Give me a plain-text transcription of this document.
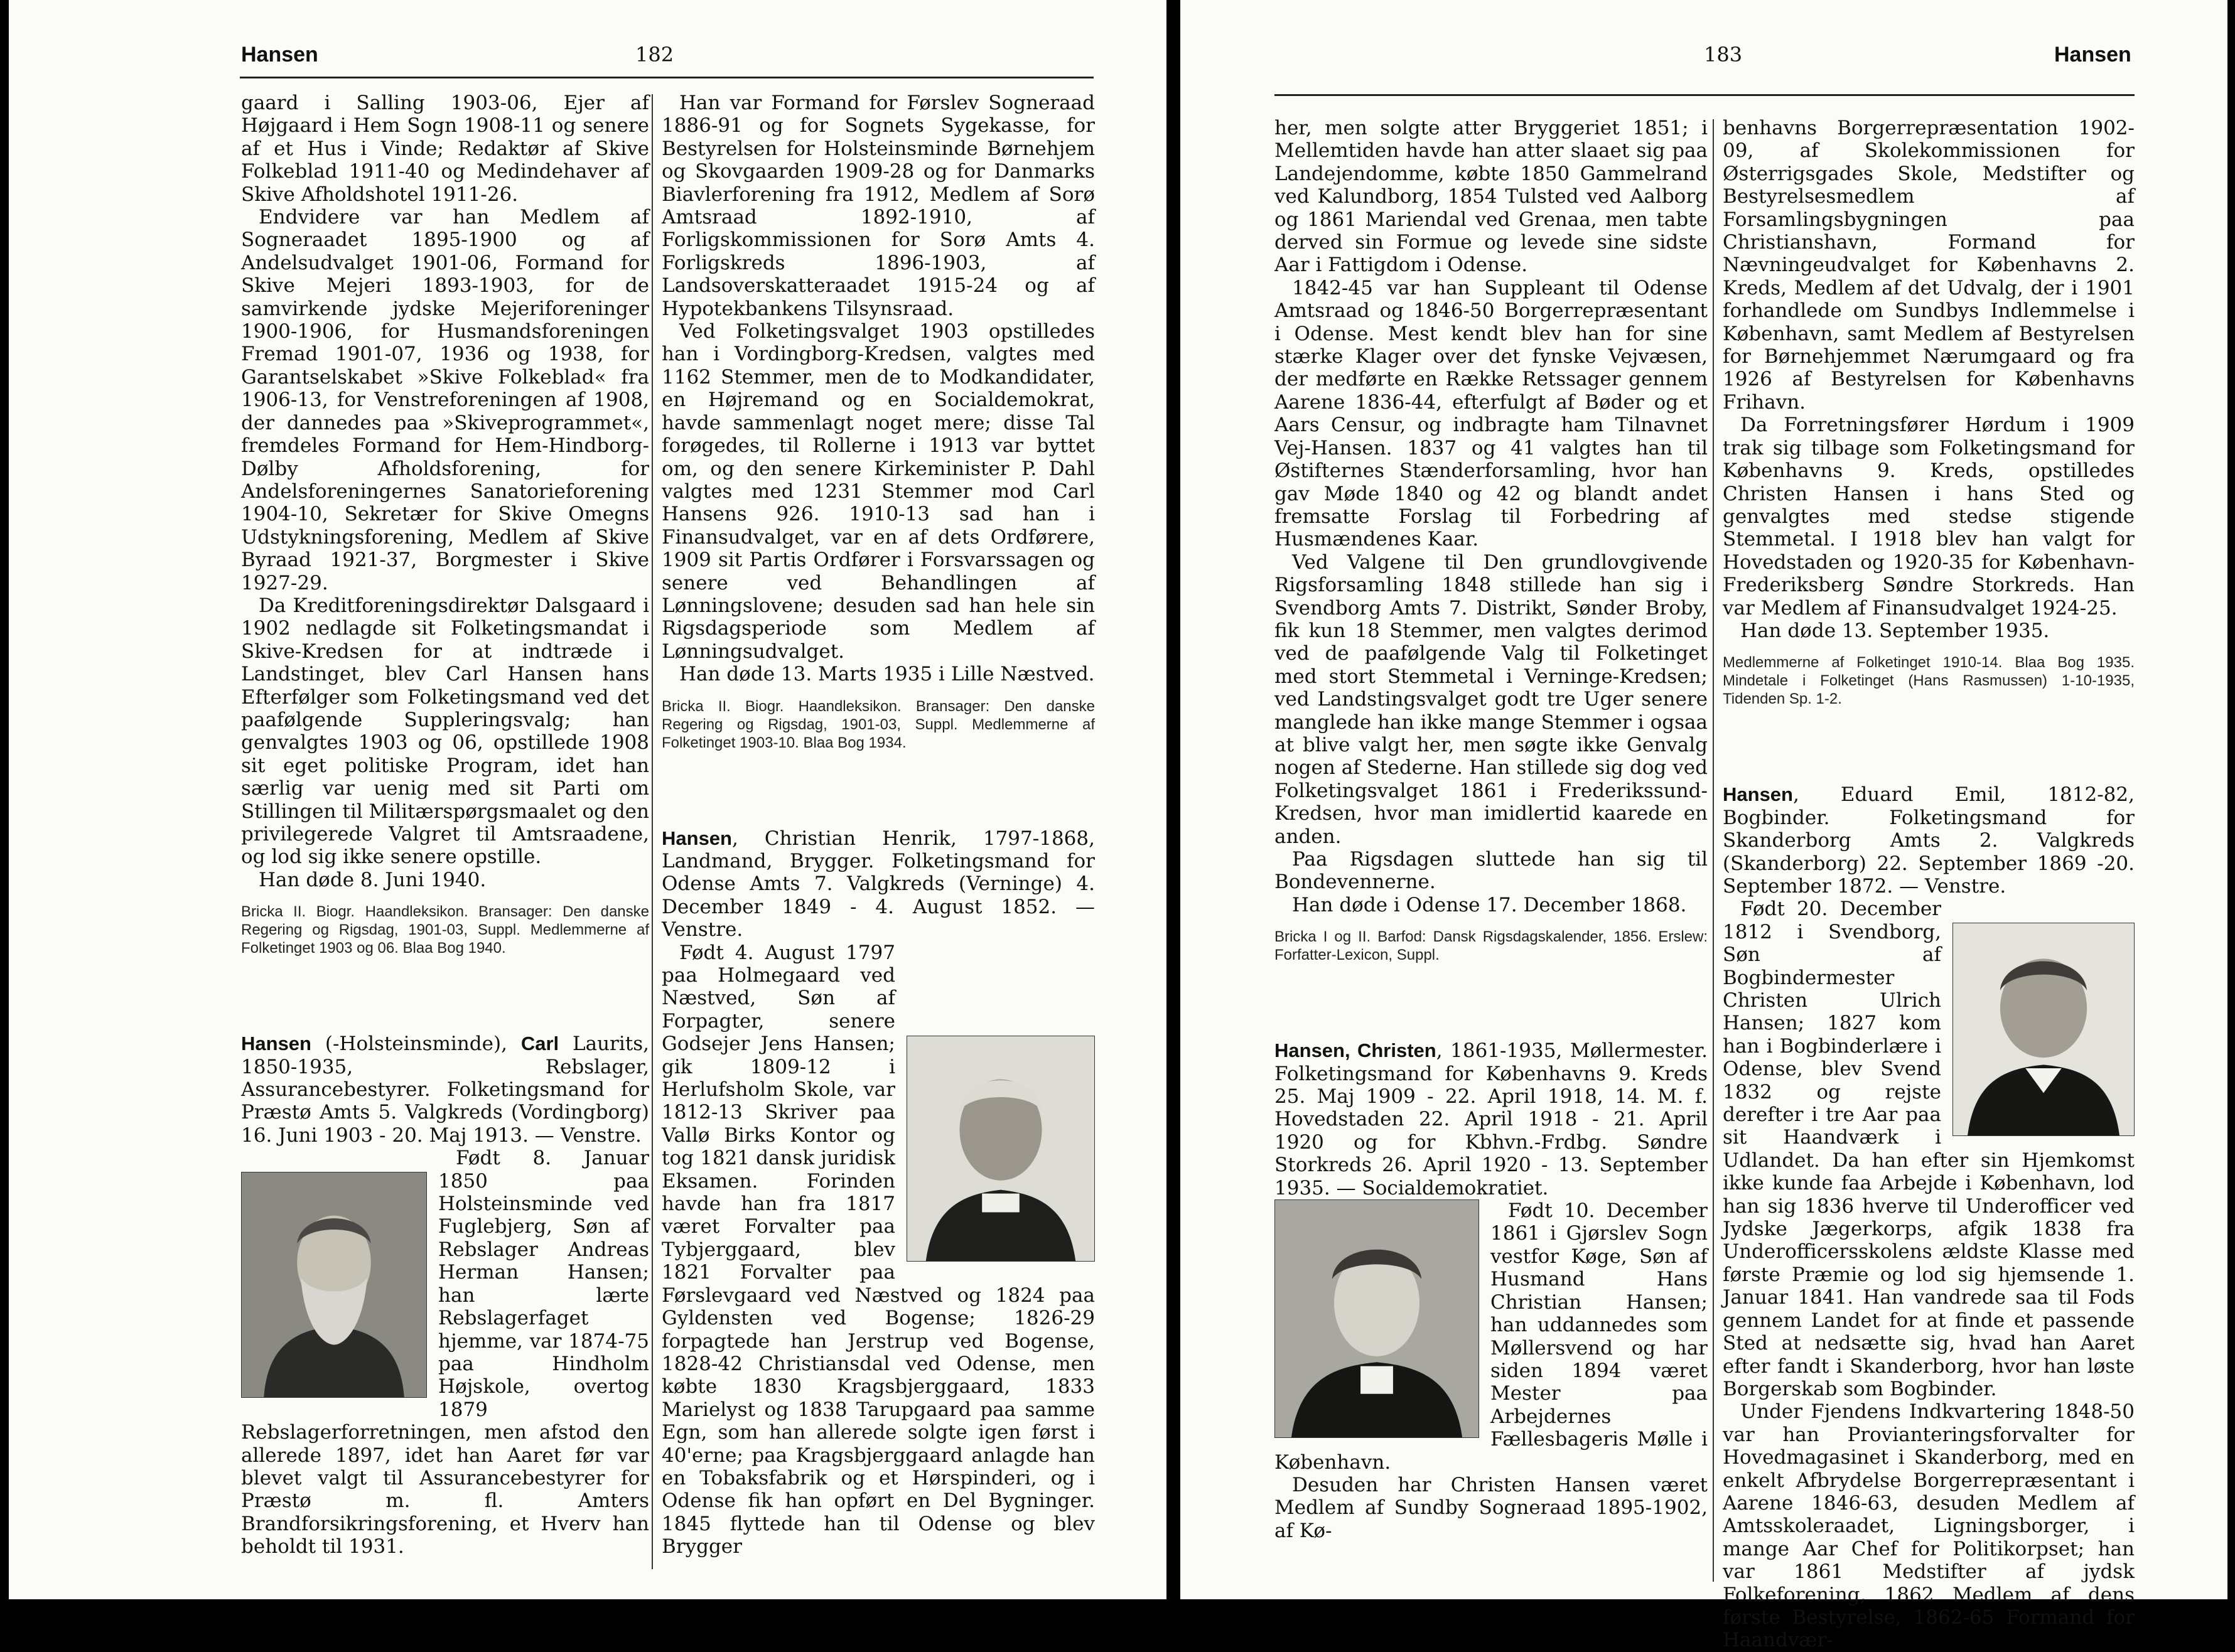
Hansen	182

gaard i Salling 1903-06, Ejer af Højgaard i Hem Sogn 1908-11 og senere af et Hus i Vinde; Redaktør af Skive Folkeblad 1911-40 og Medindehaver af Skive Afholdshotel 1911-26.

Endvidere var han Medlem af Sogneraadet 1895-1900 og af Andelsudvalget 1901-06, Formand for Skive Mejeri 1893-1903, for de samvirkende jydske Mejeriforeninger 1900-1906, for Husmandsforeningen Fremad 1901-07, 1936 og 1938, for Garantselskabet »Skive Folkeblad« fra 1906-13, for Venstreforeningen af 1908, der dannedes paa »Skiveprogrammet«, fremdeles Formand for Hem-Hindborg-Dølby Afholdsforening, for Andelsforeningernes Sanatorieforening 1904-10, Sekretær for Skive Omegns Udstykningsforening, Medlem af Skive Byraad 1921-37, Borgmester i Skive 1927-29.

Da Kreditforeningsdirektør Dalsgaard i 1902 nedlagde sit Folketingsmandat i Skive-Kredsen for at indtræde i Landstinget, blev Carl Hansen hans Efterfølger som Folketingsmand ved det paafølgende Suppleringsvalg; han genvalgtes 1903 og 06, opstillede 1908 sit eget politiske Program, idet han særlig var uenig med sit Parti om Stillingen til Militærspørgsmaalet og den privilegerede Valgret til Amtsraadene, og lod sig ikke senere opstille.

Han døde 8. Juni 1940.

Bricka II. Biogr. Haandleksikon. Bransager: Den danske Regering og Rigsdag, 1901-03, Suppl. Medlemmerne af Folketinget 1903 og 06. Blaa Bog 1940.

Hansen (-Holsteinsminde), Carl Laurits, 1850-1935, Rebslager, Assurancebestyrer. Folketingsmand for Præstø Amts 5. Valgkreds (Vordingborg) 16. Juni 1903 - 20. Maj 1913. — Venstre.

Født 8. Januar 1850 paa Holsteinsminde ved Fuglebjerg, Søn af Rebslager Andreas Herman Hansen; han lærte Rebslagerfaget hjemme, var 1874-75 paa Hindholm Højskole, overtog 1879 Rebslagerforretningen, men afstod den allerede 1897, idet han Aaret før var blevet valgt til Assurancebestyrer for Præstø m. fl. Amters Brandforsikringsforening, et Hverv han beholdt til 1931.

Han var Formand for Førslev Sogneraad 1886-91 og for Sognets Sygekasse, for Bestyrelsen for Holsteinsminde Børnehjem og Skovgaarden 1909-28 og for Danmarks Biavlerforening fra 1912, Medlem af Sorø Amtsraad 1892-1910, af Forligskommissionen for Sorø Amts 4. Forligskreds 1896-1903, af Landsoverskatteraadet 1915-24 og af Hypotekbankens Tilsynsraad.

Ved Folketingsvalget 1903 opstilledes han i Vordingborg-Kredsen, valgtes med 1162 Stemmer, men de to Modkandidater, en Højremand og en Socialdemokrat, havde sammenlagt noget mere; disse Tal forøgedes, til Rollerne i 1913 var byttet om, og den senere Kirkeminister P. Dahl valgtes med 1231 Stemmer mod Carl Hansens 926. 1910-13 sad han i Finansudvalget, var en af dets Ordførere, 1909 sit Partis Ordfører i Forsvarssagen og senere ved Behandlingen af Lønningslovene; desuden sad han hele sin Rigsdagsperiode som Medlem af Lønningsudvalget.

Han døde 13. Marts 1935 i Lille Næstved.

Bricka II. Biogr. Haandleksikon. Bransager: Den danske Regering og Rigsdag, 1901-03, Suppl. Medlemmerne af Folketinget 1903-10. Blaa Bog 1934.

Hansen, Christian Henrik, 1797-1868, Landmand, Brygger. Folketingsmand for Odense Amts 7. Valgkreds (Verninge) 4. December 1849 - 4. August 1852. — Venstre.

Født 4. August 1797 paa Holmegaard ved Næstved, Søn af Forpagter, senere Godsejer Jens Hansen; gik 1809-12 i Herlufsholm Skole, var 1812-13 Skriver paa Vallø Birks Kontor og tog 1821 dansk juridisk Eksamen. Forinden havde han fra 1817 været Forvalter paa Tybjerggaard, blev 1821 Forvalter paa Førslevgaard ved Næstved og 1824 paa Gyldensten ved Bogense; 1826-29 forpagtede han Jerstrup ved Bogense, 1828-42 Christiansdal ved Odense, men købte 1830 Kragsbjerggaard, 1833 Marielyst og 1838 Tarupgaard paa samme Egn, som han allerede solgte igen først i 40'erne; paa Kragsbjerggaard anlagde han en Tobaksfabrik og et Hørspinderi, og i Odense fik han opført en Del Bygninger. 1845 flyttede han til Odense og blev Brygger

183	Hansen

her, men solgte atter Bryggeriet 1851; i Mellemtiden havde han atter slaaet sig paa Landejendomme, købte 1850 Gammelrand ved Kalundborg, 1854 Tulsted ved Aalborg og 1861 Mariendal ved Grenaa, men tabte derved sin Formue og levede sine sidste Aar i Fattigdom i Odense.

1842-45 var han Suppleant til Odense Amtsraad og 1846-50 Borgerrepræsentant i Odense. Mest kendt blev han for sine stærke Klager over det fynske Vejvæsen, der medførte en Række Retssager gennem Aarene 1836-44, efterfulgt af Bøder og et Aars Censur, og indbragte ham Tilnavnet Vej-Hansen. 1837 og 41 valgtes han til Østifternes Stænderforsamling, hvor han gav Møde 1840 og 42 og blandt andet fremsatte Forslag til Forbedring af Husmændenes Kaar.

Ved Valgene til Den grundlovgivende Rigsforsamling 1848 stillede han sig i Svendborg Amts 7. Distrikt, Sønder Broby, fik kun 18 Stemmer, men valgtes derimod ved de paafølgende Valg til Folketinget med stort Stemmetal i Verninge-Kredsen; ved Landstingsvalget godt tre Uger senere manglede han ikke mange Stemmer i ogsaa at blive valgt her, men søgte ikke Genvalg nogen af Stederne. Han stillede sig dog ved Folketingsvalget 1861 i Frederikssund-Kredsen, hvor man imidlertid kaarede en anden.

Paa Rigsdagen sluttede han sig til Bondevennerne.

Han døde i Odense 17. December 1868.

Bricka I og II. Barfod: Dansk Rigsdagskalender, 1856. Erslew: Forfatter-Lexicon, Suppl.

Hansen, Christen, 1861-1935, Møllermester. Folketingsmand for Københavns 9. Kreds 25. Maj 1909 - 22. April 1918, 14. M. f. Hovedstaden 22. April 1918 - 21. April 1920 og for Kbhvn.-Frdbg. Søndre Storkreds 26. April 1920 - 13. September 1935. — Socialdemokratiet.

Født 10. December 1861 i Gjørslev Sogn vestfor Køge, Søn af Husmand Hans Christian Hansen; han uddannedes som Møllersvend og har siden 1894 været Mester paa Arbejdernes Fællesbageris Mølle i København.

Desuden har Christen Hansen været Medlem af Sundby Sogneraad 1895-1902, af Kø-

benhavns Borgerrepræsentation 1902-09, af Skolekommissionen for Østerrigsgades Skole, Medstifter og Bestyrelsesmedlem af Forsamlingsbygningen paa Christianshavn, Formand for Nævningeudvalget for Københavns 2. Kreds, Medlem af det Udvalg, der i 1901 forhandlede om Sundbys Indlemmelse i København, samt Medlem af Bestyrelsen for Børnehjemmet Nærumgaard og fra 1926 af Bestyrelsen for Københavns Frihavn.

Da Forretningsfører Hørdum i 1909 trak sig tilbage som Folketingsmand for Københavns 9. Kreds, opstilledes Christen Hansen i hans Sted og genvalgtes med stedse stigende Stemmetal. I 1918 blev han valgt for Hovedstaden og 1920-35 for København-Frederiksberg Søndre Storkreds. Han var Medlem af Finansudvalget 1924-25.

Han døde 13. September 1935.

Medlemmerne af Folketinget 1910-14. Blaa Bog 1935. Mindetale i Folketinget (Hans Rasmussen) 1-10-1935, Tidenden Sp. 1-2.

Hansen, Eduard Emil, 1812-82, Bogbinder. Folketingsmand for Skanderborg Amts 2. Valgkreds (Skanderborg) 22. September 1869 -20. September 1872. — Venstre.

Født 20. December 1812 i Svendborg, Søn af Bogbindermester Christen Ulrich Hansen; 1827 kom han i Bogbinderlære i Odense, blev Svend 1832 og rejste derefter i tre Aar paa sit Haandværk i Udlandet. Da han efter sin Hjemkomst ikke kunde faa Arbejde i København, lod han sig 1836 hverve til Underofficer ved Jydske Jægerkorps, afgik 1838 fra Underofficersskolens ældste Klasse med første Præmie og lod sig hjemsende 1. Januar 1841. Han vandrede saa til Fods gennem Landet for at finde et passende Sted at nedsætte sig, hvad han Aaret efter fandt i Skanderborg, hvor han løste Borgerskab som Bogbinder.

Under Fjendens Indkvartering 1848-50 var han Provianteringsforvalter for Hovedmagasinet i Skanderborg, med en enkelt Afbrydelse Borgerrepræsentant i Aarene 1846-63, desuden Medlem af Amtsskoleraadet, Ligningsborger, i mange Aar Chef for Politikorpset; han var 1861 Medstifter af jydsk Folkeforening, 1862 Medlem af dens første Bestyrelse, 1862-65 Formand for Haandvær-
